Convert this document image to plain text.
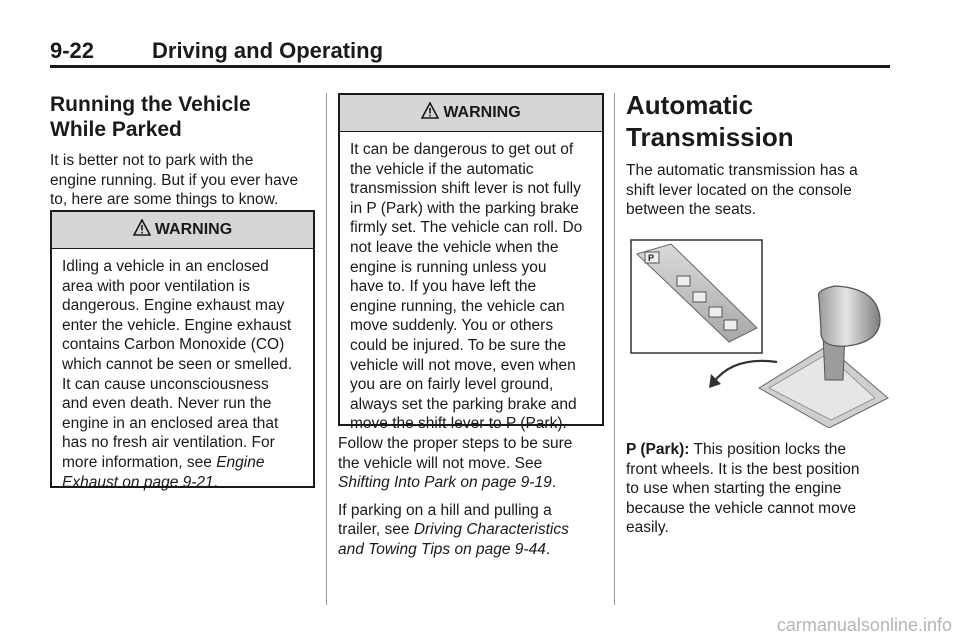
9-22	Driving and Operating
Running the Vehicle
While Parked

It is better not to park with the
engine running. But if you ever have
to, here are some things to know.

WARNING
Idling a vehicle in an enclosed
area with poor ventilation is
dangerous. Engine exhaust may
enter the vehicle. Engine exhaust
contains Carbon Monoxide (CO)
which cannot be seen or smelled.
It can cause unconsciousness
and even death. Never run the
engine in an enclosed area that
has no fresh air ventilation. For
more information, see Engine
Exhaust on page 9-21.
WARNING
It can be dangerous to get out of
the vehicle if the automatic
transmission shift lever is not fully
in P (Park) with the parking brake
firmly set. The vehicle can roll. Do
not leave the vehicle when the
engine is running unless you
have to. If you have left the
engine running, the vehicle can
move suddenly. You or others
could be injured. To be sure the
vehicle will not move, even when
you are on fairly level ground,
always set the parking brake and
move the shift lever to P (Park).

Follow the proper steps to be sure
the vehicle will not move. See
Shifting Into Park on page 9-19.

If parking on a hill and pulling a
trailer, see Driving Characteristics
and Towing Tips on page 9-44.

Automatic
Transmission

The automatic transmission has a
shift lever located on the console
between the seats.

P

P (Park): This position locks the
front wheels. It is the best position
to use when starting the engine
because the vehicle cannot move
easily.

carmanualsonline.info
